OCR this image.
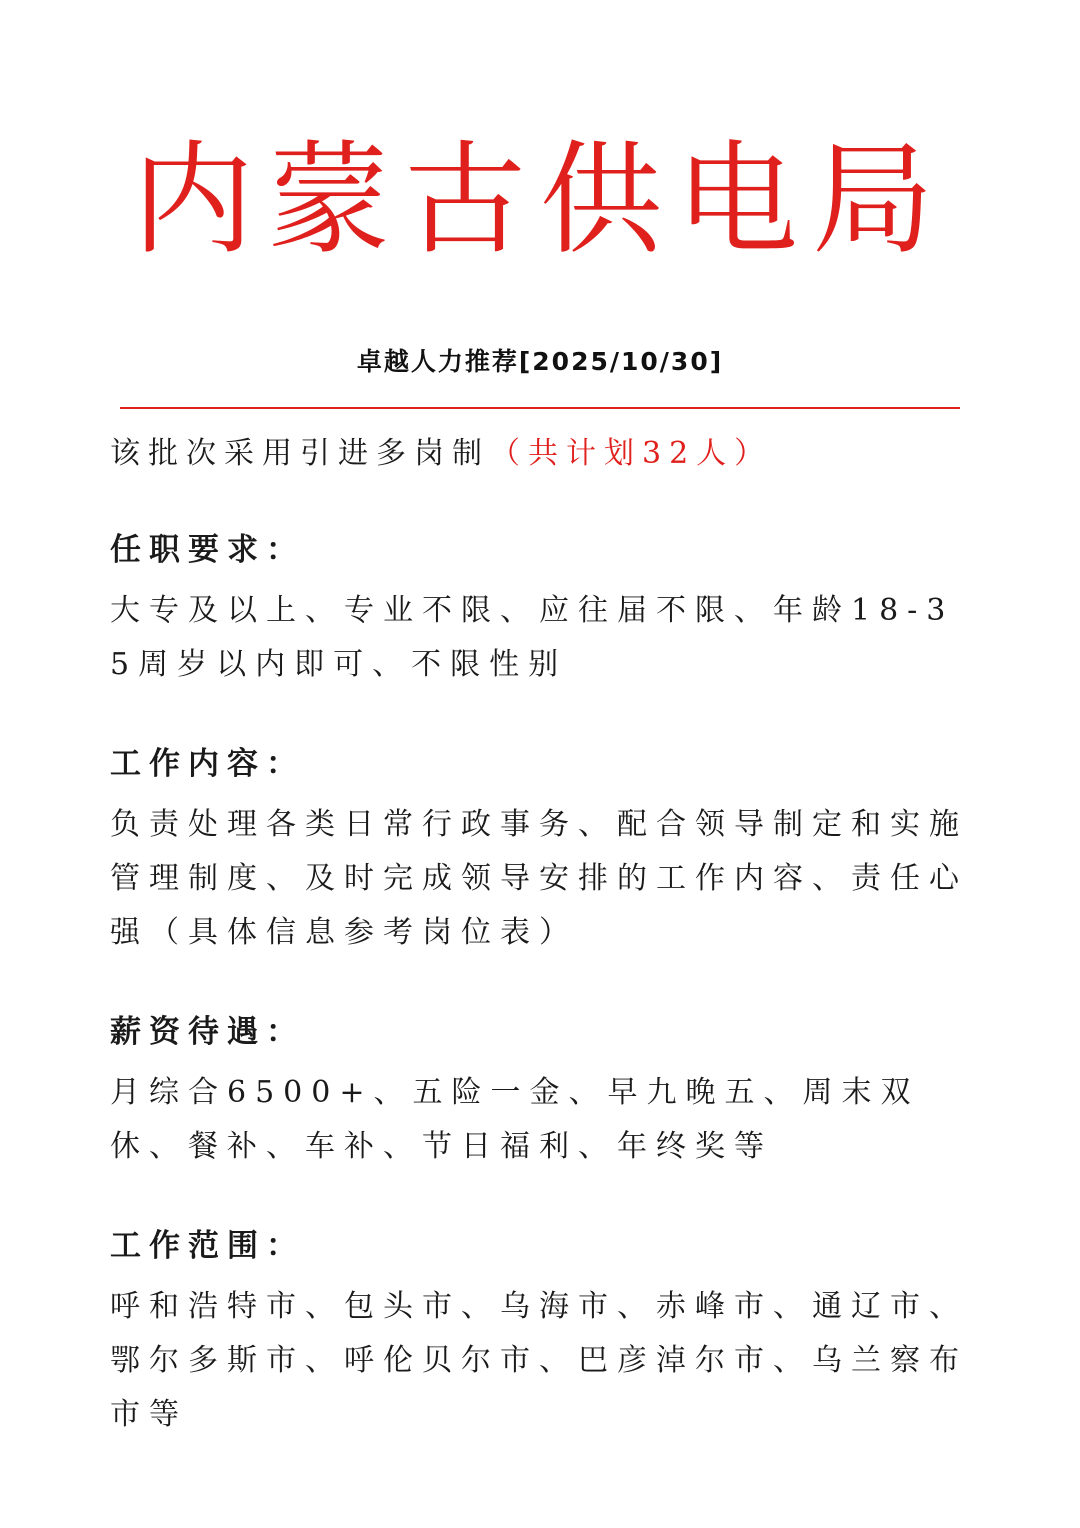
内蒙古供电局
卓越人力推荐[2025/10/30]

该批次采用引进多岗制（共计划32人）

任职要求：

大专及以上、专业不限、应往届不限、年龄18-35周岁以内即可、不限性别

工作内容：

负责处理各类日常行政事务、配合领导制定和实施管理制度、及时完成领导安排的工作内容、责任心强（具体信息参考岗位表）

薪资待遇：

月综合6500+、五险一金、早九晚五、周末双休、餐补、车补、节日福利、年终奖等

工作范围：

呼和浩特市、包头市、乌海市、赤峰市、通辽市、鄂尔多斯市、呼伦贝尔市、巴彦淖尔市、乌兰察布市等
